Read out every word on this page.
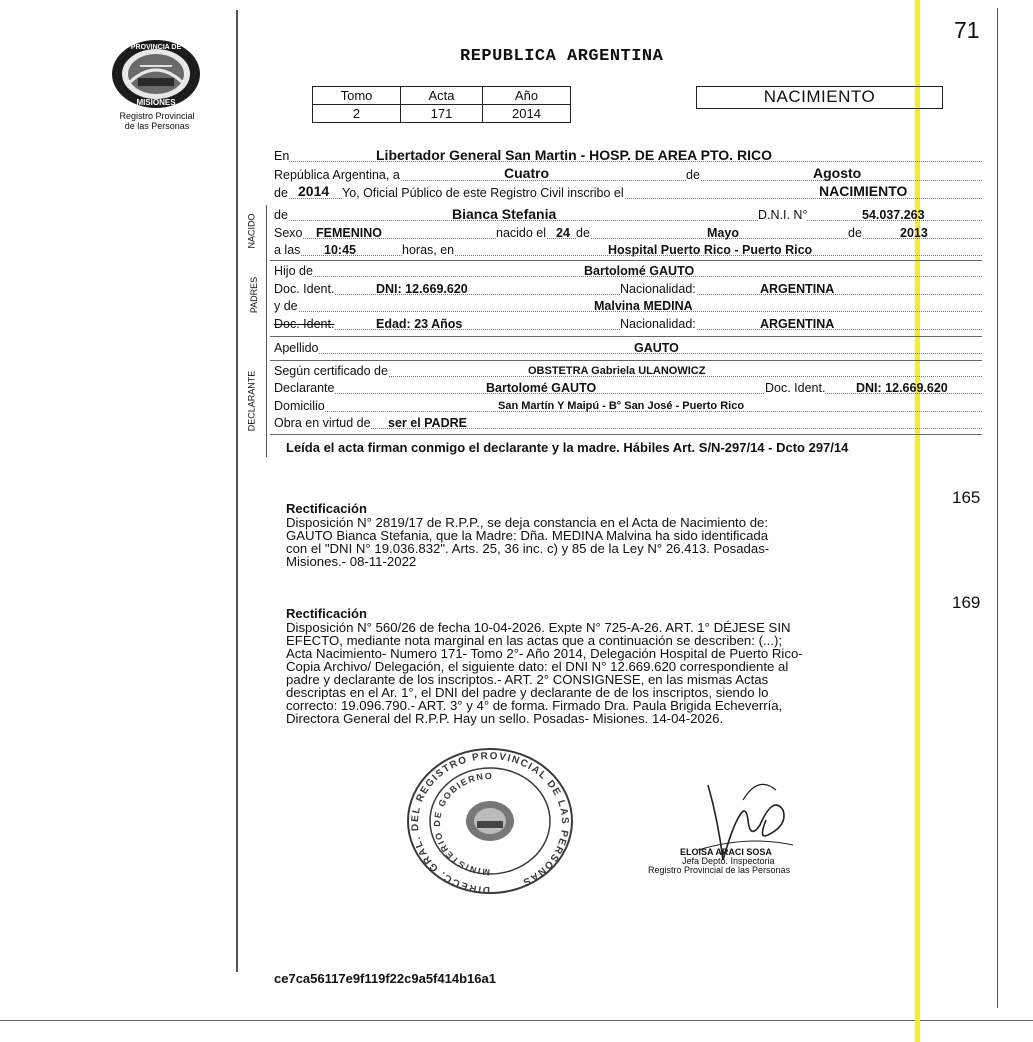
PROVINCIA DE
MISIONES
Registro Provincial
de las Personas
71
REPUBLICA ARGENTINA
Tomo	Acta	Año
2	171	2014
NACIMIENTO
En	Libertador General San Martin - HOSP. DE AREA PTO. RICO
República Argentina, a	Cuatro	de	Agosto
de 2014 Yo, Oficial Público de este Registro Civil inscribo el	NACIMIENTO
NACIDO de	Bianca Stefania	D.N.I. N°	54.037.263
Sexo FEMENINO	nacido el 24 de	Mayo	de	2013
a las 10:45	horas, en	Hospital Puerto Rico - Puerto Rico
PADRES
Hijo de	Bartolomé GAUTO
Doc. Ident.	DNI: 12.669.620	Nacionalidad:	ARGENTINA
y de	Malvina MEDINA
Doc. Ident.	Edad: 23 Años	Nacionalidad:	ARGENTINA
Apellido	GAUTO
DECLARANTE Según certificado de	OBSTETRA Gabriela ULANOWICZ
Declarante	Bartolomé GAUTO	Doc. Ident. DNI: 12.669.620
Domicilio	San Martín Y Maipú - B° San José - Puerto Rico
Obra en virtud de ser el PADRE
Leída el acta firman conmigo el declarante y la madre. Hábiles Art. S/N-297/14 - Dcto 297/14
165
Rectificación
Disposición N° 2819/17 de R.P.P., se deja constancia en el Acta de Nacimiento de:
GAUTO Bianca Stefania, que la Madre: Dña. MEDINA Malvina ha sido identificada
con el "DNI N° 19.036.832". Arts. 25, 36 inc. c) y 85 de la Ley N° 26.413. Posadas-
Misiones.- 08-11-2022
169
Rectificación
Disposición N° 560/26 de fecha 10-04-2026. Expte N° 725-A-26. ART. 1° DÉJESE SIN
EFECTO, mediante nota marginal en las actas que a continuación se describen: (...);
Acta Nacimiento- Numero 171- Tomo 2°- Año 2014, Delegación Hospital de Puerto Rico-
Copia Archivo/ Delegación, el siguiente dato: el DNI N° 12.669.620 correspondiente al
padre y declarante de los inscriptos.- ART. 2° CONSIGNESE, en las mismas Actas
descriptas en el Ar. 1°, el DNI del padre y declarante de de los inscriptos, siendo lo
correcto: 19.096.790.- ART. 3° y 4° de forma. Firmado Dra. Paula Brigida Echeverría,
Directora General del R.P.P. Hay un sello. Posadas- Misiones. 14-04-2026.
DIRECC. GRAL. DEL REGISTRO PROVINCIAL DE LAS PERSONAS
MINISTERIO DE GOBIERNO
ELOISA ARACI SOSA
Jefa Depto. Inspectoria
Registro Provincial de las Personas
ce7ca56117e9f119f22c9a5f414b16a1
